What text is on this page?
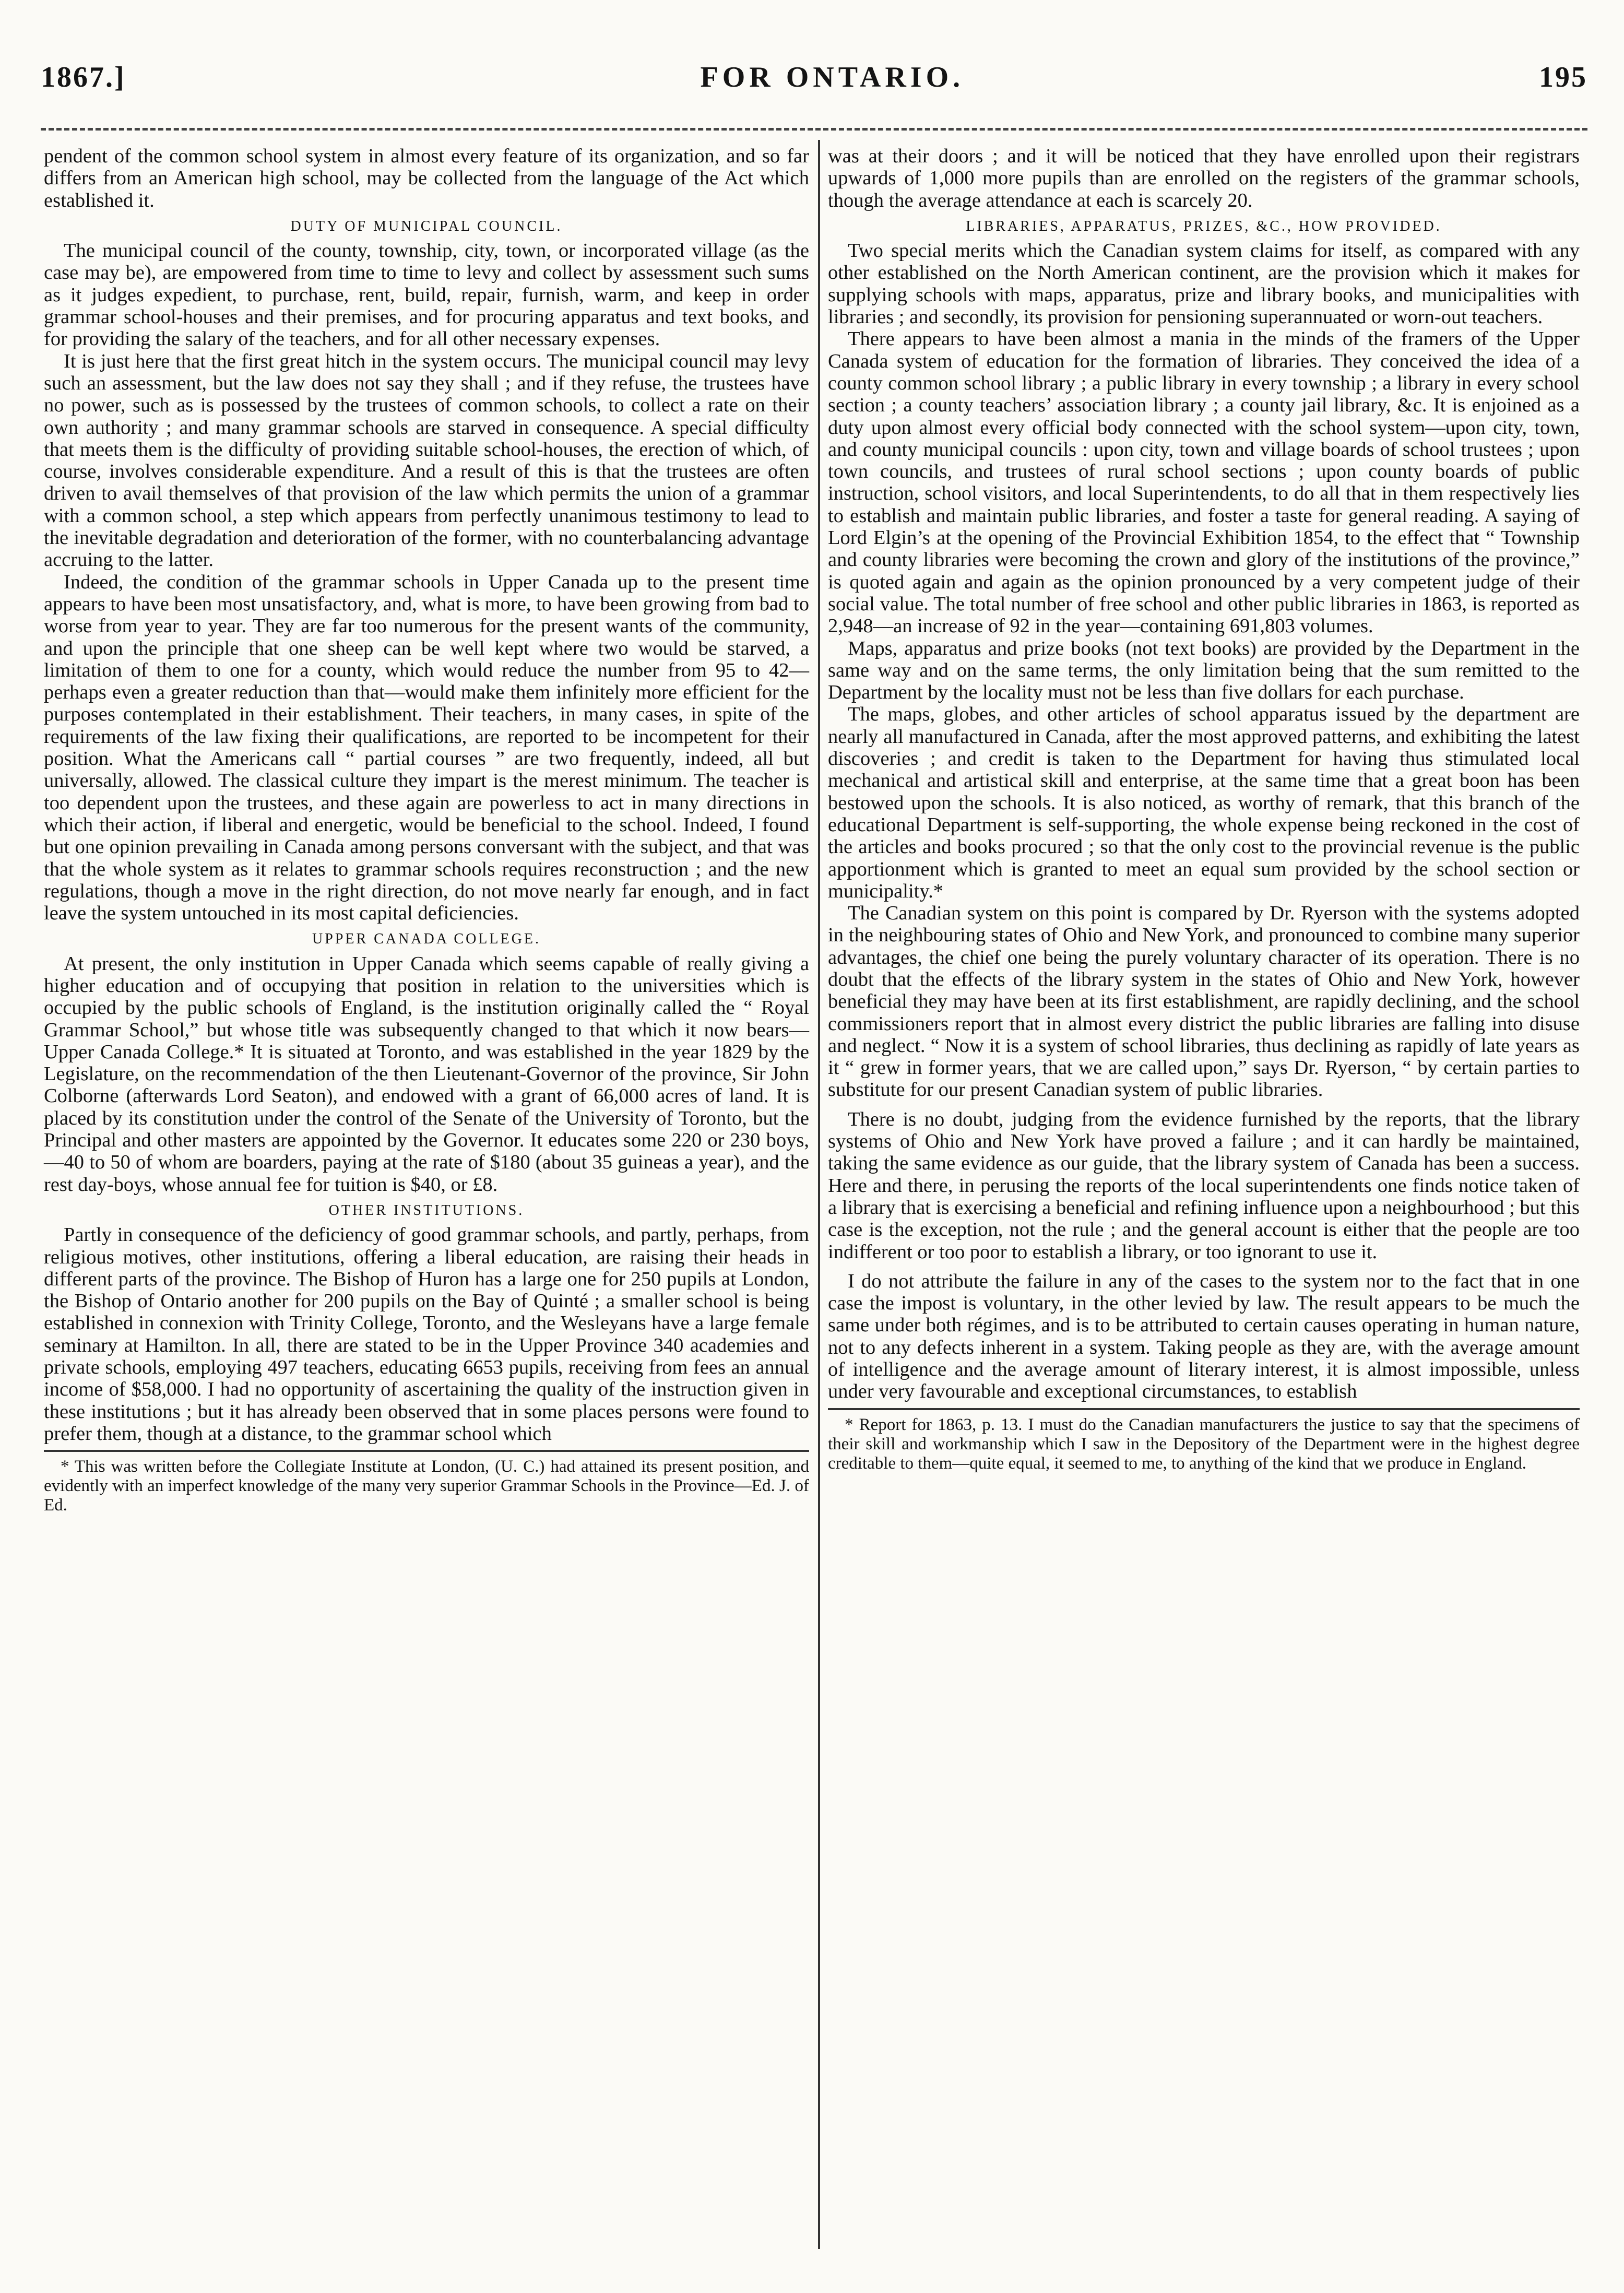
1867.]	FOR ONTARIO.	195

pendent of the common school system in almost every feature of its organization, and so far differs from an American high school, may be collected from the language of the Act which established it.

DUTY OF MUNICIPAL COUNCIL.

The municipal council of the county, township, city, town, or incorporated village (as the case may be), are empowered from time to time to levy and collect by assessment such sums as it judges expedient, to purchase, rent, build, repair, furnish, warm, and keep in order grammar school-houses and their premises, and for procuring apparatus and text books, and for providing the salary of the teachers, and for all other necessary expenses.

It is just here that the first great hitch in the system occurs. The municipal council may levy such an assessment, but the law does not say they shall ; and if they refuse, the trustees have no power, such as is possessed by the trustees of common schools, to collect a rate on their own authority ; and many grammar schools are starved in consequence. A special difficulty that meets them is the difficulty of providing suitable school-houses, the erection of which, of course, involves considerable expenditure. And a result of this is that the trustees are often driven to avail themselves of that provision of the law which permits the union of a grammar with a common school, a step which appears from perfectly unanimous testimony to lead to the inevitable degradation and deterioration of the former, with no counterbalancing advantage accruing to the latter.

Indeed, the condition of the grammar schools in Upper Canada up to the present time appears to have been most unsatisfactory, and, what is more, to have been growing from bad to worse from year to year. They are far too numerous for the present wants of the community, and upon the principle that one sheep can be well kept where two would be starved, a limitation of them to one for a county, which would reduce the number from 95 to 42—perhaps even a greater reduction than that—would make them infinitely more efficient for the purposes contemplated in their establishment. Their teachers, in many cases, in spite of the requirements of the law fixing their qualifications, are reported to be incompetent for their position. What the Americans call “ partial courses ” are two frequently, indeed, all but universally, allowed. The classical culture they impart is the merest minimum. The teacher is too dependent upon the trustees, and these again are powerless to act in many directions in which their action, if liberal and energetic, would be beneficial to the school. Indeed, I found but one opinion prevailing in Canada among persons conversant with the subject, and that was that the whole system as it relates to grammar schools requires reconstruction ; and the new regulations, though a move in the right direction, do not move nearly far enough, and in fact leave the system untouched in its most capital deficiencies.

UPPER CANADA COLLEGE.

At present, the only institution in Upper Canada which seems capable of really giving a higher education and of occupying that position in relation to the universities which is occupied by the public schools of England, is the institution originally called the “ Royal Grammar School,” but whose title was subsequently changed to that which it now bears—Upper Canada College.* It is situated at Toronto, and was established in the year 1829 by the Legislature, on the recommendation of the then Lieutenant-Governor of the province, Sir John Colborne (afterwards Lord Seaton), and endowed with a grant of 66,000 acres of land. It is placed by its constitution under the control of the Senate of the University of Toronto, but the Principal and other masters are appointed by the Governor. It educates some 220 or 230 boys,—40 to 50 of whom are boarders, paying at the rate of $180 (about 35 guineas a year), and the rest day-boys, whose annual fee for tuition is $40, or £8.

OTHER INSTITUTIONS.

Partly in consequence of the deficiency of good grammar schools, and partly, perhaps, from religious motives, other institutions, offering a liberal education, are raising their heads in different parts of the province. The Bishop of Huron has a large one for 250 pupils at London, the Bishop of Ontario another for 200 pupils on the Bay of Quinté ; a smaller school is being established in connexion with Trinity College, Toronto, and the Wesleyans have a large female seminary at Hamilton. In all, there are stated to be in the Upper Province 340 academies and private schools, employing 497 teachers, educating 6653 pupils, receiving from fees an annual income of $58,000. I had no opportunity of ascertaining the quality of the instruction given in these institutions ; but it has already been observed that in some places persons were found to prefer them, though at a distance, to the grammar school which

* This was written before the Collegiate Institute at London, (U. C.) had attained its present position, and evidently with an imperfect knowledge of the many very superior Grammar Schools in the Province—Ed. J. of Ed.

was at their doors ; and it will be noticed that they have enrolled upon their registrars upwards of 1,000 more pupils than are enrolled on the registers of the grammar schools, though the average attendance at each is scarcely 20.

LIBRARIES, APPARATUS, PRIZES, &C., HOW PROVIDED.

Two special merits which the Canadian system claims for itself, as compared with any other established on the North American continent, are the provision which it makes for supplying schools with maps, apparatus, prize and library books, and municipalities with libraries ; and secondly, its provision for pensioning superannuated or worn-out teachers.

There appears to have been almost a mania in the minds of the framers of the Upper Canada system of education for the formation of libraries. They conceived the idea of a county common school library ; a public library in every township ; a library in every school section ; a county teachers’ association library ; a county jail library, &c. It is enjoined as a duty upon almost every official body connected with the school system—upon city, town, and county municipal councils : upon city, town and village boards of school trustees ; upon town councils, and trustees of rural school sections ; upon county boards of public instruction, school visitors, and local Superintendents, to do all that in them respectively lies to establish and maintain public libraries, and foster a taste for general reading. A saying of Lord Elgin’s at the opening of the Provincial Exhibition 1854, to the effect that “ Township and county libraries were becoming the crown and glory of the institutions of the province,” is quoted again and again as the opinion pronounced by a very competent judge of their social value. The total number of free school and other public libraries in 1863, is reported as 2,948—an increase of 92 in the year—containing 691,803 volumes.

Maps, apparatus and prize books (not text books) are provided by the Department in the same way and on the same terms, the only limitation being that the sum remitted to the Department by the locality must not be less than five dollars for each purchase.

The maps, globes, and other articles of school apparatus issued by the department are nearly all manufactured in Canada, after the most approved patterns, and exhibiting the latest discoveries ; and credit is taken to the Department for having thus stimulated local mechanical and artistical skill and enterprise, at the same time that a great boon has been bestowed upon the schools. It is also noticed, as worthy of remark, that this branch of the educational Department is self-supporting, the whole expense being reckoned in the cost of the articles and books procured ; so that the only cost to the provincial revenue is the public apportionment which is granted to meet an equal sum provided by the school section or municipality.*

The Canadian system on this point is compared by Dr. Ryerson with the systems adopted in the neighbouring states of Ohio and New York, and pronounced to combine many superior advantages, the chief one being the purely voluntary character of its operation. There is no doubt that the effects of the library system in the states of Ohio and New York, however beneficial they may have been at its first establishment, are rapidly declining, and the school commissioners report that in almost every district the public libraries are falling into disuse and neglect. “ Now it is a system of school libraries, thus declining as rapidly of late years as it “ grew in former years, that we are called upon,” says Dr. Ryerson, “ by certain parties to substitute for our present Canadian system of public libraries.

There is no doubt, judging from the evidence furnished by the reports, that the library systems of Ohio and New York have proved a failure ; and it can hardly be maintained, taking the same evidence as our guide, that the library system of Canada has been a success. Here and there, in perusing the reports of the local superintendents one finds notice taken of a library that is exercising a beneficial and refining influence upon a neighbourhood ; but this case is the exception, not the rule ; and the general account is either that the people are too indifferent or too poor to establish a library, or too ignorant to use it.

I do not attribute the failure in any of the cases to the system nor to the fact that in one case the impost is voluntary, in the other levied by law. The result appears to be much the same under both régimes, and is to be attributed to certain causes operating in human nature, not to any defects inherent in a system. Taking people as they are, with the average amount of intelligence and the average amount of literary interest, it is almost impossible, unless under very favourable and exceptional circumstances, to establish

* Report for 1863, p. 13. I must do the Canadian manufacturers the justice to say that the specimens of their skill and workmanship which I saw in the Depository of the Department were in the highest degree creditable to them—quite equal, it seemed to me, to anything of the kind that we produce in England.
